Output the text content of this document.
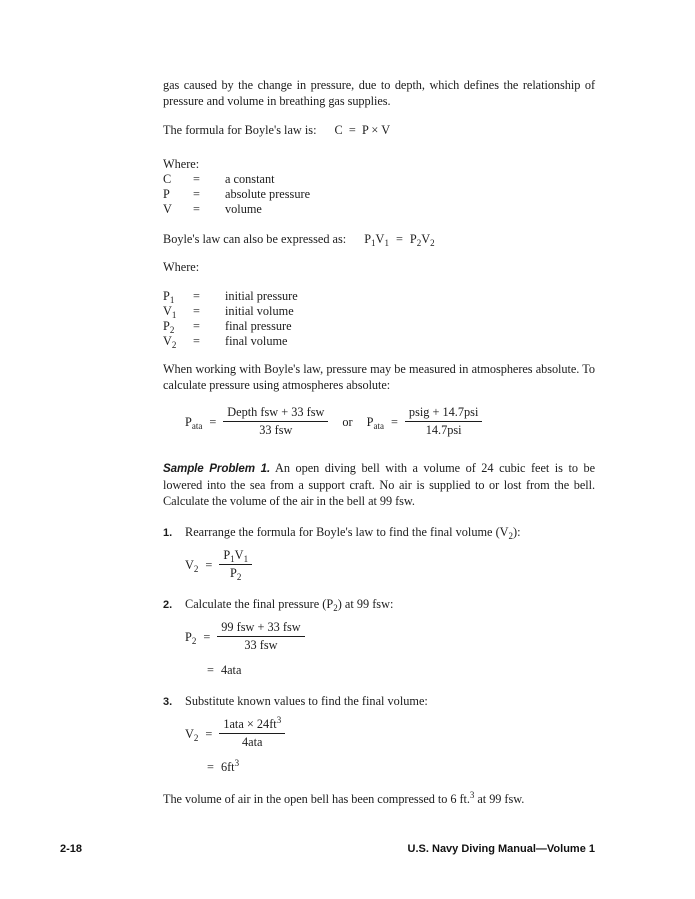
gas caused by the change in pressure, due to depth, which defines the relationship of pressure and volume in breathing gas supplies.

The formula for Boyle's law is: C  =  P × V
Where:
C	=	a constant
P	=	absolute pressure
V	=	volume
Boyle's law can also be expressed as: $P_1V_1 = P_2V_2$
Where:
$P_1$	=	initial pressure
$V_1$	=	initial volume
$P_2$	=	final pressure
$V_2$	=	final volume

When working with Boyle's law, pressure may be measured in atmospheres absolute. To calculate pressure using atmospheres absolute:

$P_{ata} = \frac{\text{Depth fsw + 33 fsw}}{\text{33 fsw}}$ or $P_{ata} = \frac{\text{psig + 14.7psi}}{\text{14.7psi}}$

Sample Problem 1. An open diving bell with a volume of 24 cubic feet is to be lowered into the sea from a support craft. No air is supplied to or lost from the bell. Calculate the volume of the air in the bell at 99 fsw.

1.	Rearrange the formula for Boyle's law to find the final volume $(V_2)$:
$V_2 = \frac{P_1V_1}{P_2}$
2.	Calculate the final pressure $(P_2)$ at 99 fsw:
$P_2 = \frac{\text{99 fsw + 33 fsw}}{\text{33 fsw}}$
= 4ata
3.	Substitute known values to find the final volume:
$V_2 = \frac{1ata \times 24ft^3}{\text{4ata}}$
= $6ft^3$

The volume of air in the open bell has been compressed to 6 ft.$^3$ at 99 fsw.

2-18	U.S. Navy Diving Manual—Volume 1
